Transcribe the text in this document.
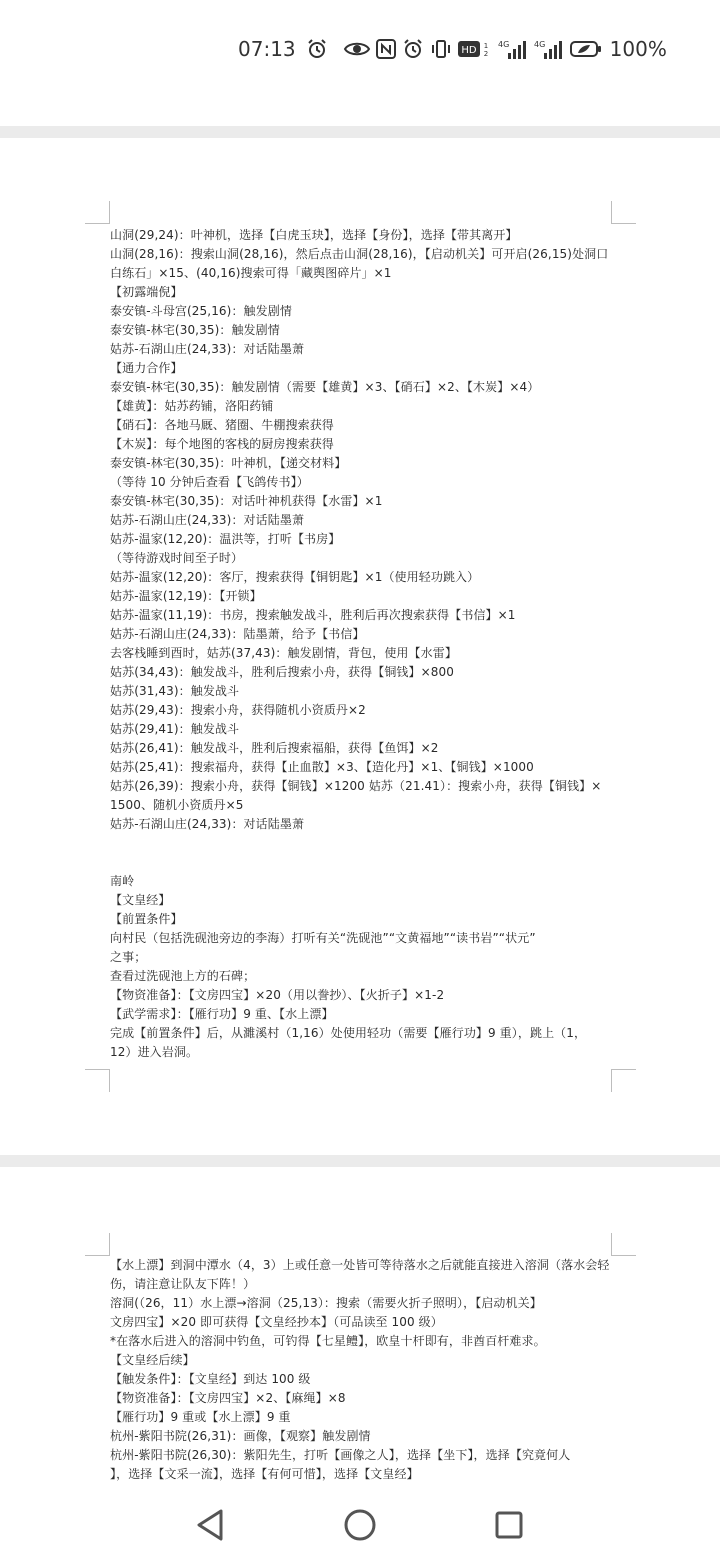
07:13	HD 1
2
4G	4G	100%
山洞(29,24)：叶神机，选择【白虎玉玦】，选择【身份】，选择【带其离开】
山洞(28,16)：搜索山洞(28,16)，然后点击山洞(28,16)，【启动机关】可开启(26,15)处洞口
白练石」×15、(40,16)搜索可得「藏舆图碎片」×1
【初露端倪】
泰安镇-斗母宫(25,16)：触发剧情
泰安镇-林宅(30,35)：触发剧情
姑苏-石湖山庄(24,33)：对话陆墨萧
【通力合作】
泰安镇-林宅(30,35)：触发剧情（需要【雄黄】×3、【硝石】×2、【木炭】×4）
【雄黄】：姑苏药铺，洛阳药铺
【硝石】：各地马厩、猪圈、牛棚搜索获得
【木炭】：每个地图的客栈的厨房搜索获得
泰安镇-林宅(30,35)：叶神机，【递交材料】
（等待 10 分钟后查看【飞鸽传书】）
泰安镇-林宅(30,35)：对话叶神机获得【水雷】×1
姑苏-石湖山庄(24,33)：对话陆墨萧
姑苏-温家(12,20)：温洪等，打听【书房】
（等待游戏时间至子时）
姑苏-温家(12,20)：客厅，搜索获得【铜钥匙】×1（使用轻功跳入）
姑苏-温家(12,19)：【开锁】
姑苏-温家(11,19)：书房，搜索触发战斗，胜利后再次搜索获得【书信】×1
姑苏-石湖山庄(24,33)：陆墨萧，给予【书信】
去客栈睡到酉时，姑苏(37,43)：触发剧情，背包，使用【水雷】
姑苏(34,43)：触发战斗，胜利后搜索小舟，获得【铜钱】×800
姑苏(31,43)：触发战斗
姑苏(29,43)：搜索小舟，获得随机小资质丹×2
姑苏(29,41)：触发战斗
姑苏(26,41)：触发战斗，胜利后搜索福船，获得【鱼饵】×2
姑苏(25,41)：搜索福舟，获得【止血散】×3、【造化丹】×1、【铜钱】×1000
姑苏(26,39)：搜索小舟，获得【铜钱】×1200 姑苏（21.41）：搜索小舟，获得【铜钱】×
1500、随机小资质丹×5
姑苏-石湖山庄(24,33)：对话陆墨萧
南岭
【文皇经】
【前置条件】
向村民（包括洗砚池旁边的李海）打听有关“洗砚池”“文黄福地”“读书岩”“状元”
之事；
查看过洗砚池上方的石碑；
【物资准备】：【文房四宝】×20（用以誊抄）、【火折子】×1-2
【武学需求】：【雁行功】9 重、【水上漂】
完成【前置条件】后，从濉溪村（1,16）处使用轻功（需要【雁行功】9 重），跳上（1，
12）进入岩洞。
【水上漂】到洞中潭水（4，3）上或任意一处皆可等待落水之后就能直接进入溶洞（落水会轻
伤，请注意让队友下阵！）
溶洞(（26，11）水上漂→溶洞（25,13）：搜索（需要火折子照明），【启动机关】
文房四宝】×20 即可获得【文皇经抄本】（可品读至 100 级）
*在落水后进入的溶洞中钓鱼，可钓得【七星鳢】，欧皇十杆即有，非酋百杆难求。
【文皇经后续】
【触发条件】：【文皇经】到达 100 级
【物资准备】：【文房四宝】×2、【麻绳】×8
【雁行功】9 重或【水上漂】9 重
杭州-紫阳书院(26,31)：画像，【观察】触发剧情
杭州-紫阳书院(26,30)：紫阳先生，打听【画像之人】，选择【坐下】，选择【究竟何人
】，选择【文采一流】，选择【有何可惜】，选择【文皇经】
